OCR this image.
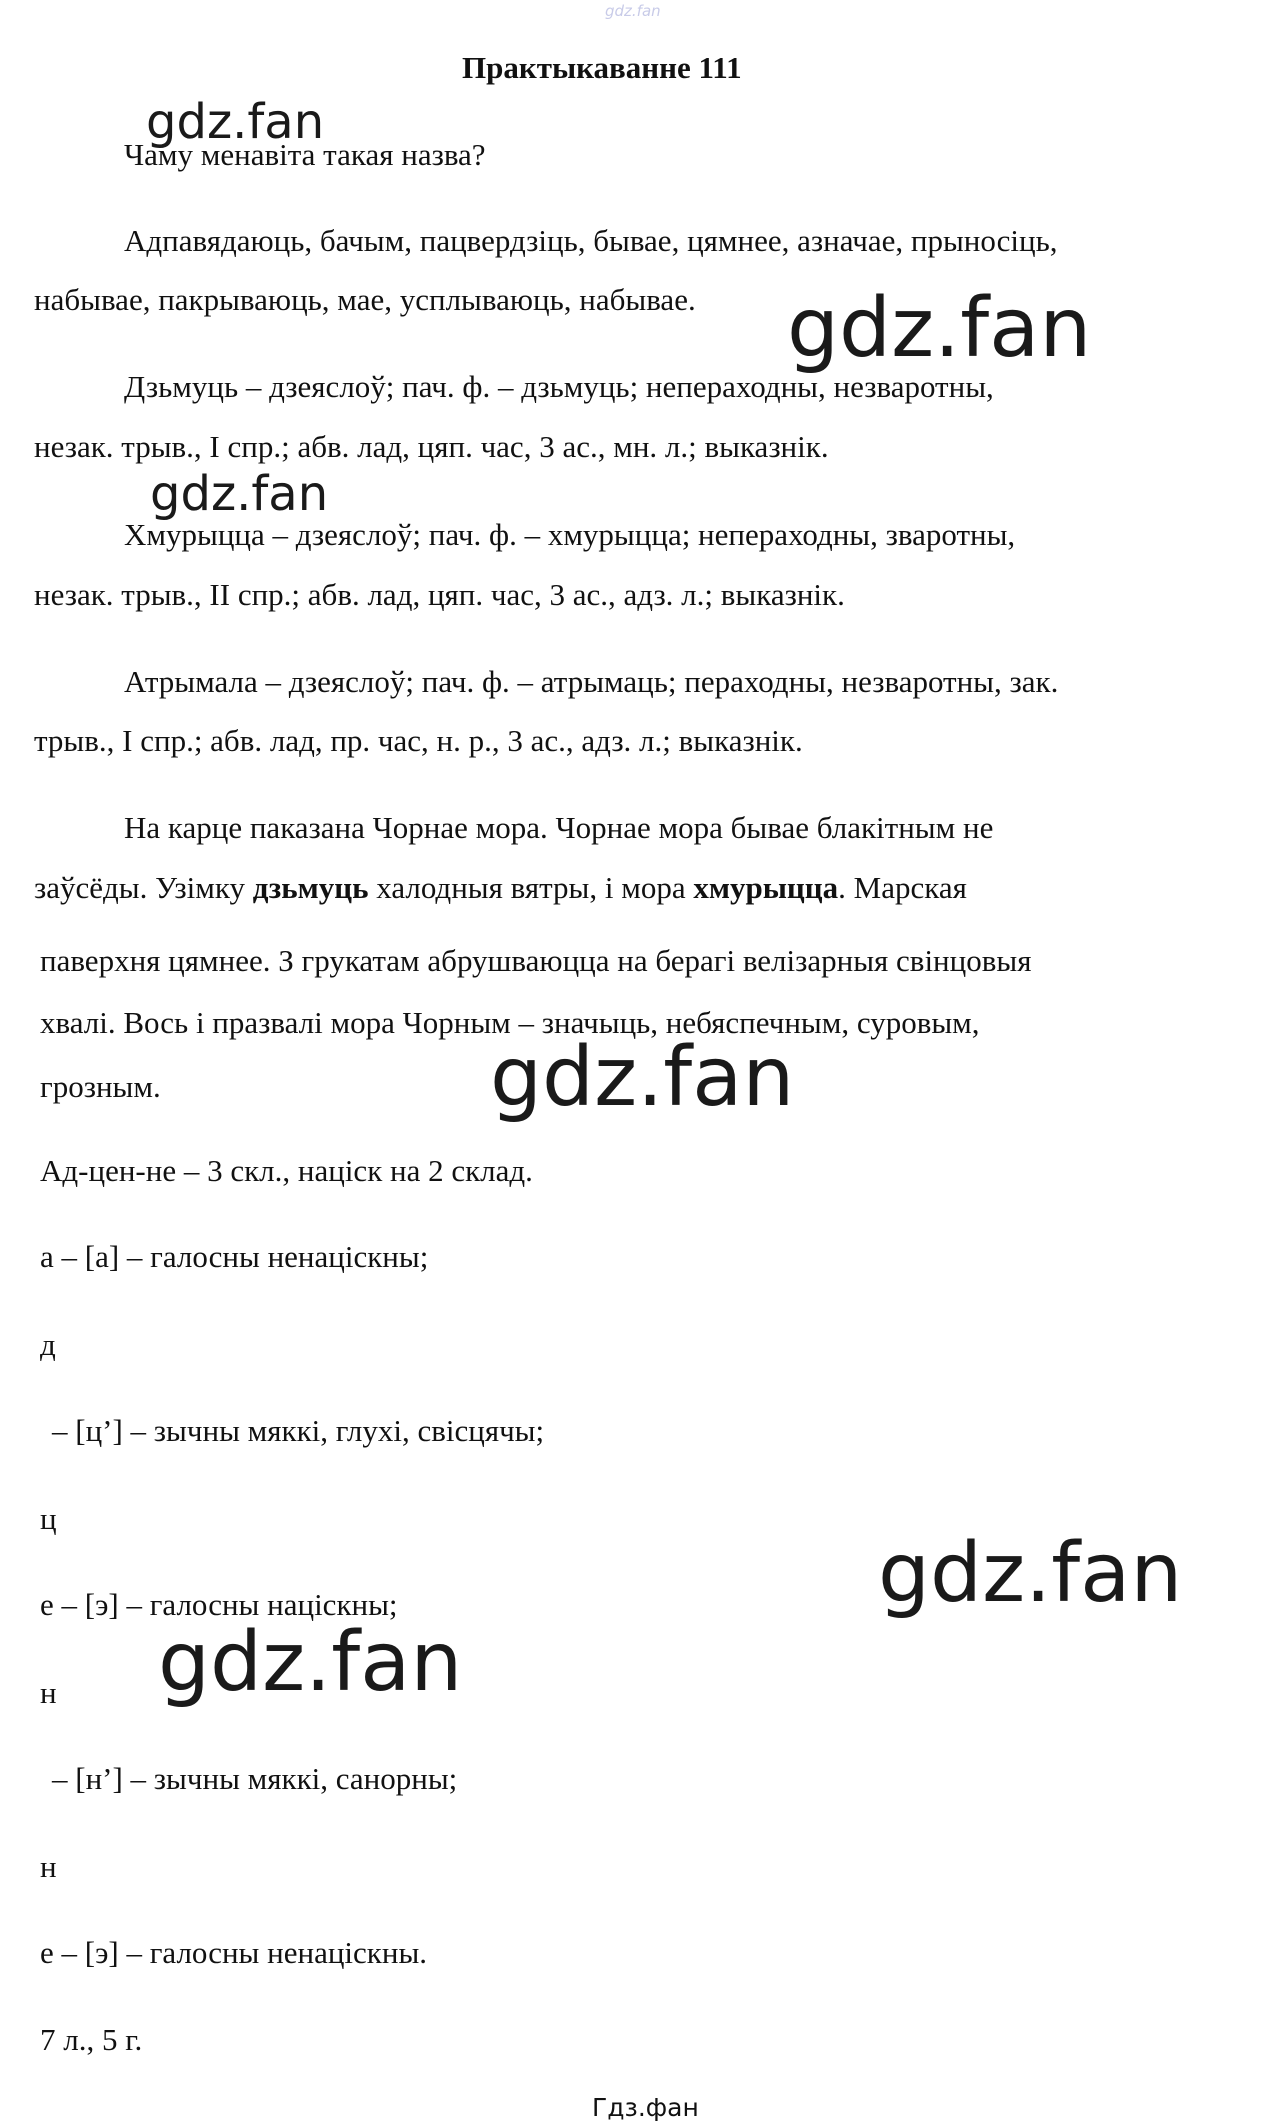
gdz.fan
Практыкаванне 111
gdz.fan
Чаму менавіта такая назва?
Адпавядаюць, бачым, пацвердзіць, бывае, цямнее, азначае, прыносіць,
набывае, пакрываюць, мае, усплываюць, набывае. gdz.fan
Дзьмуць – дзеяслоў; пач. ф. – дзьмуць; непераходны, незваротны,
незак. трыв., I спр.; абв. лад, цяп. час, 3 ас., мн. л.; выказнік.
gdz.fan
Хмурыцца – дзеяслоў; пач. ф. – хмурыцца; непераходны, зваротны,
незак. трыв., II спр.; абв. лад, цяп. час, 3 ас., адз. л.; выказнік.
Атрымала – дзеяслоў; пач. ф. – атрымаць; пераходны, незваротны, зак.
трыв., I спр.; абв. лад, пр. час, н. р., 3 ас., адз. л.; выказнік.
На карце паказана Чорнае мора. Чорнае мора бывае блакітным не
заўсёды. Узімку дзьмуць халодныя вятры, і мора хмурыцца. Марская
паверхня цямнее. З грукатам абрушваюцца на берагі велізарныя свінцовыя
хвалі. Вось і празвалі мора Чорным – значыць, небяспечным, суровым,
грозным.	gdz.fan
Ад-цен-не – 3 скл., націск на 2 склад.
а – [а] – галосны ненаціскны;
д
– [ц’] – зычны мяккі, глухі, свісцячы;
ц
е – [э] – галосны націскны;	gdz.fan
gdz.fan
н
– [н’] – зычны мяккі, санорны;
н
е – [э] – галосны ненаціскны.
7 л., 5 г.
Гдз.фан
